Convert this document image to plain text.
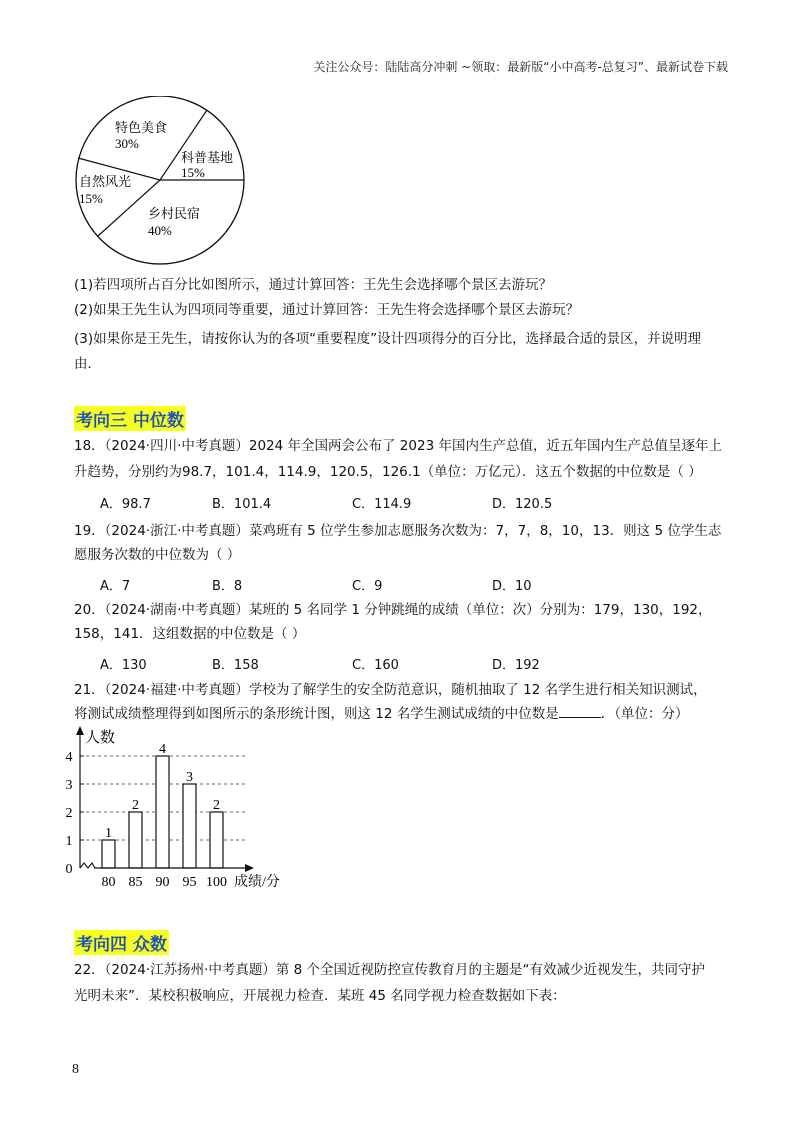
关注公众号：陆陆高分冲刺 ~领取：最新版“小中高考-总复习”、最新试卷下载
特色美食
30%
科普基地
15%
乡村民宿
40%
自然风光
15%
(1)若四项所占百分比如图所示，通过计算回答：王先生会选择哪个景区去游玩？
(2)如果王先生认为四项同等重要，通过计算回答：王先生将会选择哪个景区去游玩？
(3)如果你是王先生，请按你认为的各项“重要程度”设计四项得分的百分比，选择最合适的景区，并说明理
由．
考向三 中位数
18．（2024·四川·中考真题）2024 年全国两会公布了 2023 年国内生产总值，近五年国内生产总值呈逐年上
升趋势，分别约为98.7，101.4，114.9，120.5，126.1（单位：万亿元）．这五个数据的中位数是（ ）
A．98.7	B．101.4	C．114.9	D．120.5
19．（2024·浙江·中考真题）菜鸡班有 5 位学生参加志愿服务次数为：7，7，8，10，13．则这 5 位学生志
愿服务次数的中位数为（ ）
A．7	B．8	C．9	D．10
20．（2024·湖南·中考真题）某班的 5 名同学 1 分钟跳绳的成绩（单位：次）分别为：179，130，192，
158，141．这组数据的中位数是（ ）
A．130	B．158	C．160	D．192
21．（2024·福建·中考真题）学校为了解学生的安全防范意识，随机抽取了 12 名学生进行相关知识测试，
将测试成绩整理得到如图所示的条形统计图，则这 12 名学生测试成绩的中位数是	．（单位：分）
0
1
2
3
4
1
80
2
85
4
90
3
95
2
100
人数
成绩/分
考向四 众数
22．（2024·江苏扬州·中考真题）第 8 个全国近视防控宣传教育月的主题是“有效减少近视发生，共同守护
光明未来”．某校积极响应，开展视力检查．某班 45 名同学视力检查数据如下表：
8
